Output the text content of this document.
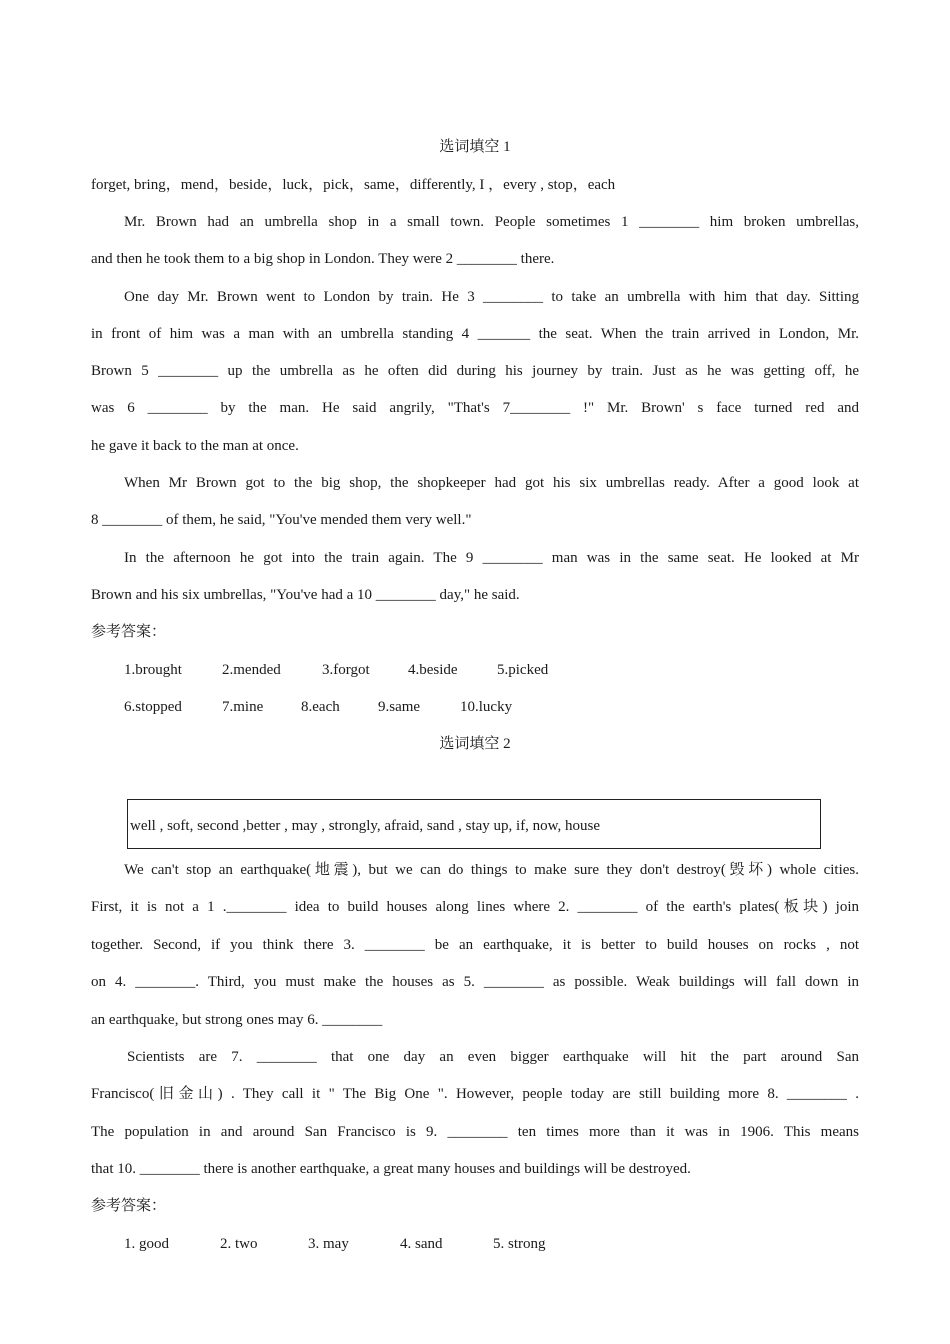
选词填空 1
forget, bring，mend，beside，luck，pick，same，differently, I ，every , stop，each
Mr. Brown had an umbrella shop in a small town. People sometimes 1 ________ him broken umbrellas,
and then he took them to a big shop in London. They were 2 ________ there.
One day Mr. Brown went to London by train. He 3 ________ to take an umbrella with him that day. Sitting
in front of him was a man with an umbrella standing 4 _______ the seat. When the train arrived in London, Mr.
Brown 5 ________ up the umbrella as he often did during his journey by train. Just as he was getting off, he
was 6 ________ by the man. He said angrily, "That's 7________ !" Mr. Brown' s face turned red and
he gave it back to the man at once.
When Mr Brown got to the big shop, the shopkeeper had got his six umbrellas ready. After a good look at
8 ________ of them, he said, "You've mended them very well."
In the afternoon he got into the train again. The 9 ________ man was in the same seat. He looked at Mr
Brown and his six umbrellas, "You've had a 10 ________ day," he said.
参考答案：
1.brought	2.mended	3.forgot	4.beside	5.picked
6.stopped	7.mine	8.each	9.same	10.lucky
选词填空 2
well , soft, second ,better , may , strongly, afraid, sand , stay up, if, now, house
We can't stop an earthquake(地震), but we can do things to make sure they don't destroy(毁坏) whole cities.
First, it is not a 1 .________ idea to build houses along lines where 2. ________ of the earth's plates(板块) join
together. Second, if you think there 3. ________ be an earthquake, it is better to build houses on rocks , not
on 4. ________. Third, you must make the houses as 5. ________ as possible. Weak buildings will fall down in
an earthquake, but strong ones may 6. ________
Scientists are 7. ________ that one day an even bigger earthquake will hit the part around San
Francisco(旧金山) . They call it " The Big One ". However, people today are still building more 8. ________ .
The population in and around San Francisco is 9. ________ ten times more than it was in 1906. This means
that 10. ________ there is another earthquake, a great many houses and buildings will be destroyed.
参考答案：
1. good	2. two	3. may	4. sand	5. strong
